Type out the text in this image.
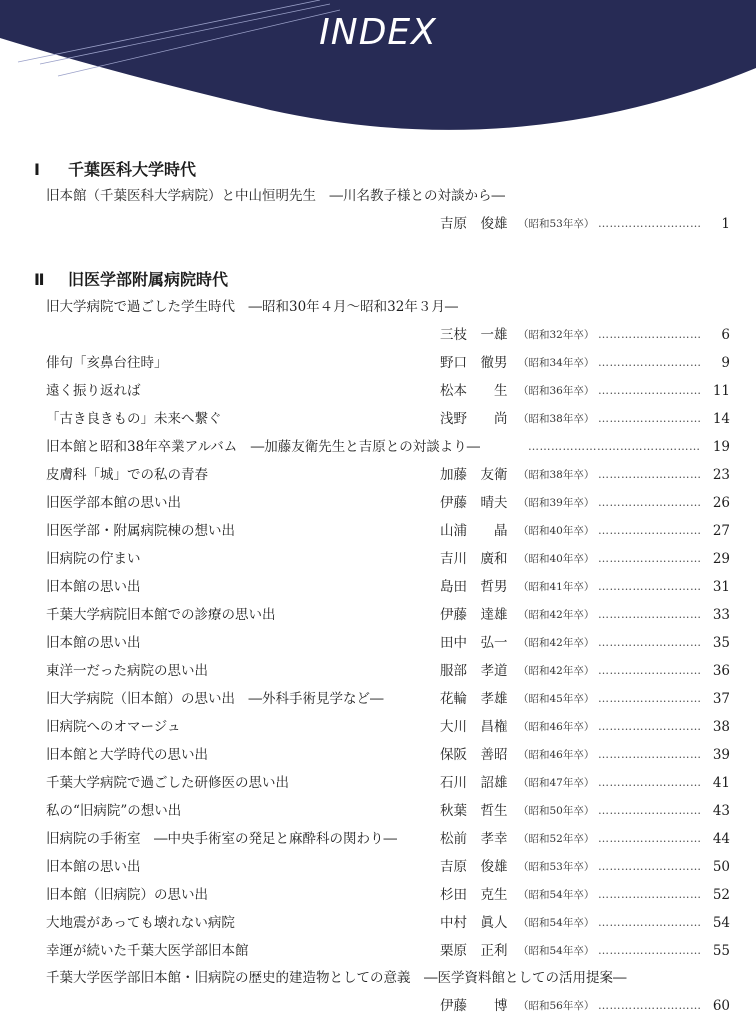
INDEX
Ⅰ 千葉医科大学時代
旧本館（千葉医科大学病院）と中山恒明先生　―川名教子様との対談から―
吉原　俊雄	（昭和53年卒） ……………………… 1
Ⅱ 旧医学部附属病院時代
旧大学病院で過ごした学生時代　―昭和30年４月～昭和32年３月―
三枝　一雄	（昭和32年卒） ……………………… 6
俳句「亥鼻台往時」	野口　徹男	（昭和34年卒） ……………………… 9
遠く振り返れば	松本　　生	（昭和36年卒） ……………………… 11
「古き良きもの」未来へ繋ぐ	浅野　　尚	（昭和38年卒） ……………………… 14
旧本館と昭和38年卒業アルバム　―加藤友衛先生と吉原との対談より―	……………………………………… 19
皮膚科「城」での私の青春	加藤　友衛	（昭和38年卒） ……………………… 23
旧医学部本館の思い出	伊藤　晴夫	（昭和39年卒） ……………………… 26
旧医学部・附属病院棟の想い出	山浦　　晶	（昭和40年卒） ……………………… 27
旧病院の佇まい	吉川　廣和	（昭和40年卒） ……………………… 29
旧本館の思い出	島田　哲男	（昭和41年卒） ……………………… 31
千葉大学病院旧本館での診療の思い出	伊藤　達雄	（昭和42年卒） ……………………… 33
旧本館の思い出	田中　弘一	（昭和42年卒） ……………………… 35
東洋一だった病院の思い出	服部　孝道	（昭和42年卒） ……………………… 36
旧大学病院（旧本館）の思い出　―外科手術見学など―	花輪　孝雄	（昭和45年卒） ……………………… 37
旧病院へのオマージュ	大川　昌権	（昭和46年卒） ……………………… 38
旧本館と大学時代の思い出	保阪　善昭	（昭和46年卒） ……………………… 39
千葉大学病院で過ごした研修医の思い出	石川　詔雄	（昭和47年卒） ……………………… 41
私の“旧病院”の想い出	秋葉　哲生	（昭和50年卒） ……………………… 43
旧病院の手術室　―中央手術室の発足と麻酔科の関わり―	松前　孝幸	（昭和52年卒） ……………………… 44
旧本館の思い出	吉原　俊雄	（昭和53年卒） ……………………… 50
旧本館（旧病院）の思い出	杉田　克生	（昭和54年卒） ……………………… 52
大地震があっても壊れない病院	中村　眞人	（昭和54年卒） ……………………… 54
幸運が続いた千葉大医学部旧本館	栗原　正利	（昭和54年卒） ……………………… 55
千葉大学医学部旧本館・旧病院の歴史的建造物としての意義　―医学資料館としての活用提案―
伊藤　　博	（昭和56年卒） ……………………… 60
